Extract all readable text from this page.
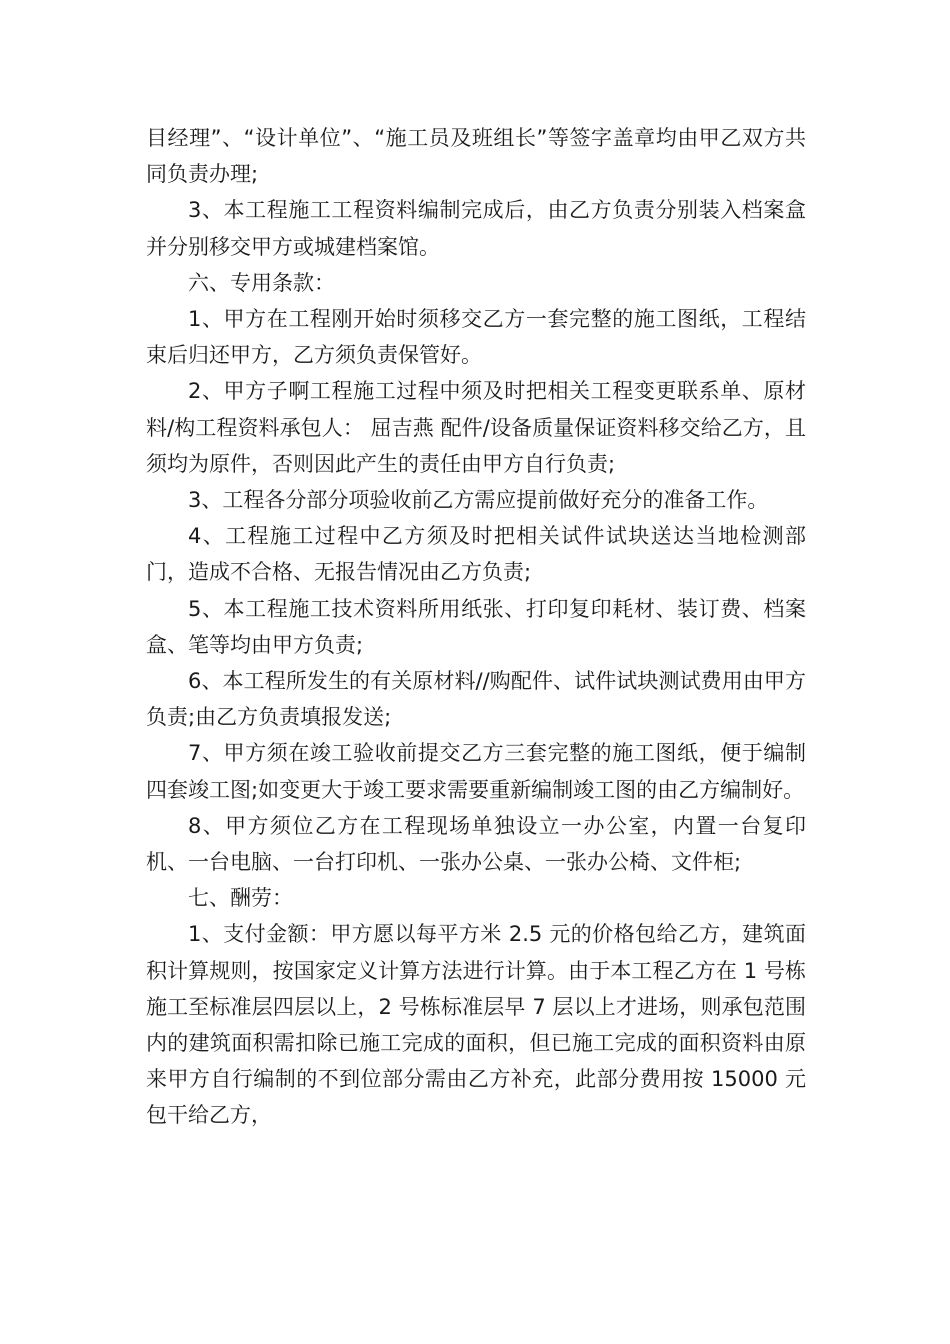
目经理”、“设计单位”、“施工员及班组长”等签字盖章均由甲乙双方共同负责办理;

3、本工程施工工程资料编制完成后，由乙方负责分别装入档案盒并分别移交甲方或城建档案馆。

六、专用条款：

1、甲方在工程刚开始时须移交乙方一套完整的施工图纸，工程结束后归还甲方，乙方须负责保管好。

2、甲方子啊工程施工过程中须及时把相关工程变更联系单、原材料/构工程资料承包人： 屈吉燕 配件/设备质量保证资料移交给乙方，且须均为原件，否则因此产生的责任由甲方自行负责;

3、工程各分部分项验收前乙方需应提前做好充分的准备工作。

4、工程施工过程中乙方须及时把相关试件试块送达当地检测部门，造成不合格、无报告情况由乙方负责;

5、本工程施工技术资料所用纸张、打印复印耗材、装订费、档案盒、笔等均由甲方负责;

6、本工程所发生的有关原材料//购配件、试件试块测试费用由甲方负责;由乙方负责填报发送;

7、甲方须在竣工验收前提交乙方三套完整的施工图纸，便于编制四套竣工图;如变更大于竣工要求需要重新编制竣工图的由乙方编制好。

8、甲方须位乙方在工程现场单独设立一办公室，内置一台复印机、一台电脑、一台打印机、一张办公桌、一张办公椅、文件柜;

七、酬劳：

1、支付金额：甲方愿以每平方米 2.5 元的价格包给乙方，建筑面积计算规则，按国家定义计算方法进行计算。由于本工程乙方在 1 号栋施工至标准层四层以上，2 号栋标准层早 7 层以上才进场，则承包范围内的建筑面积需扣除已施工完成的面积，但已施工完成的面积资料由原来甲方自行编制的不到位部分需由乙方补充，此部分费用按 15000 元包干给乙方，
